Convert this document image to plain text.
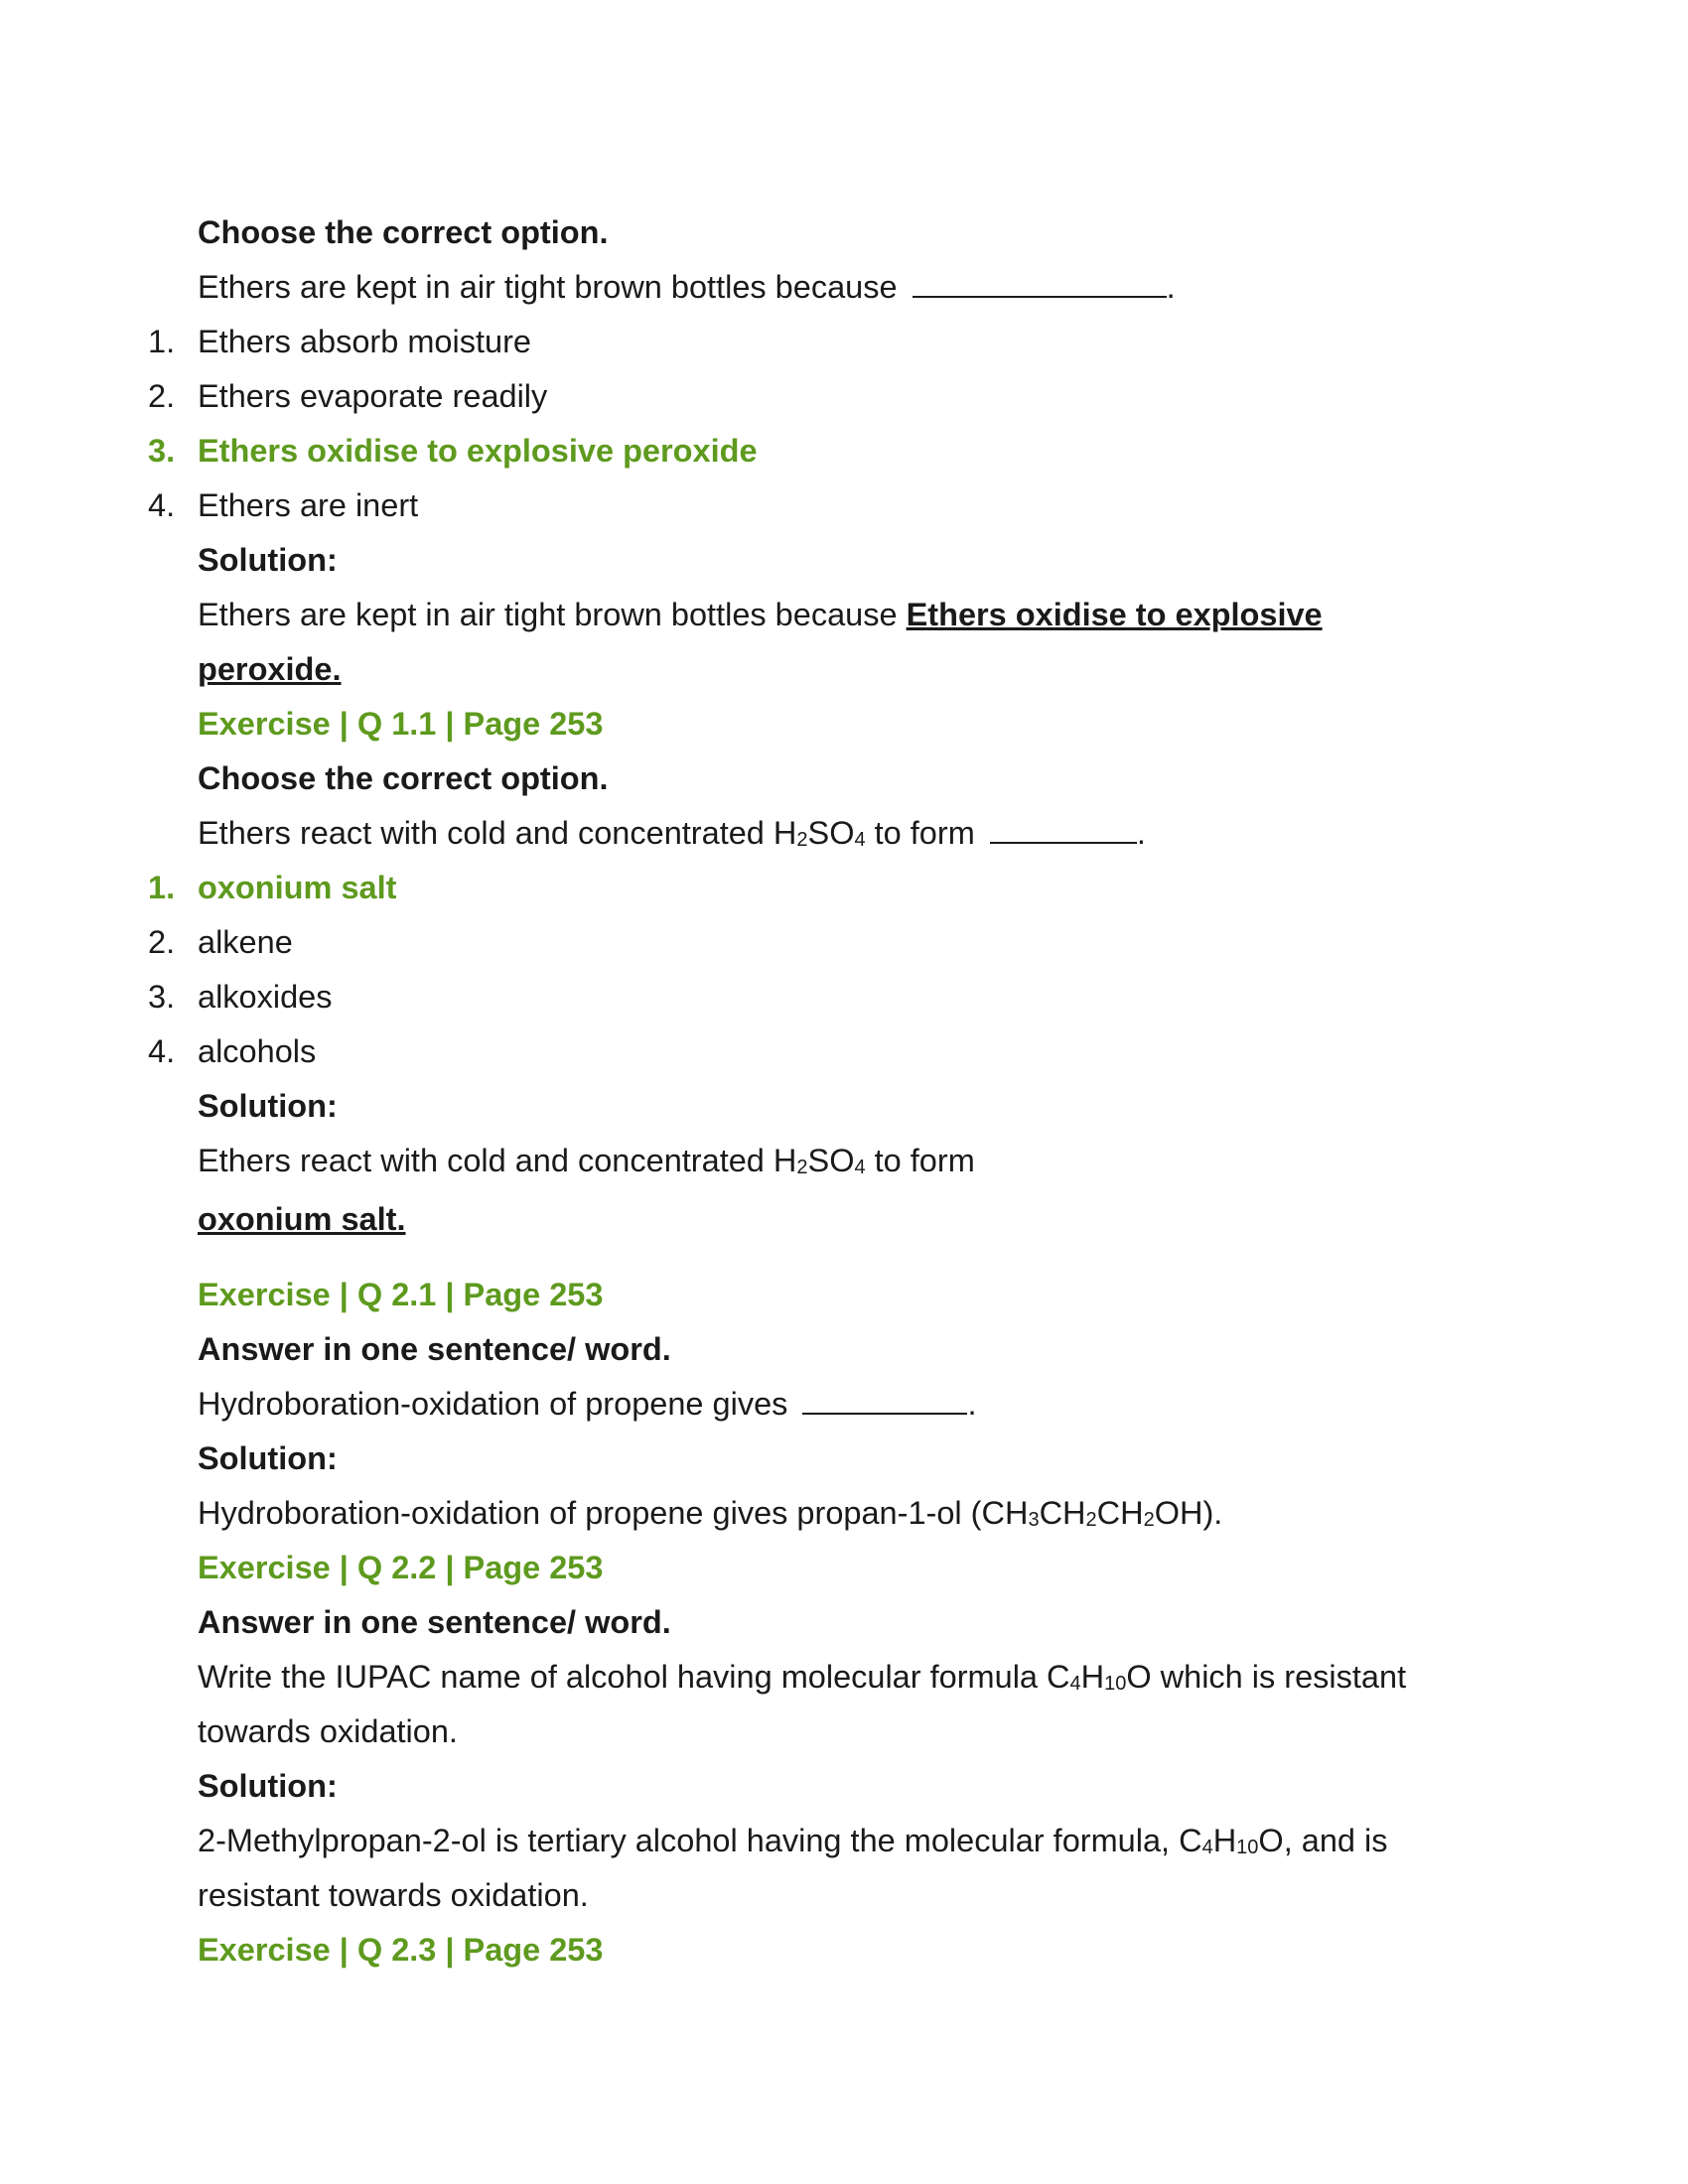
Choose the correct option.
Ethers are kept in air tight brown bottles because	.
1. Ethers absorb moisture
2. Ethers evaporate readily
3. Ethers oxidise to explosive peroxide
4. Ethers are inert
Solution:
Ethers are kept in air tight brown bottles because Ethers oxidise to explosive
peroxide.
Exercise | Q 1.1 | Page 253
Choose the correct option.
Ethers react with cold and concentrated $H_2SO_4$ to form	.
1. oxonium salt
2. alkene
3. alkoxides
4. alcohols
Solution:
Ethers react with cold and concentrated $H_2SO_4$ to form
oxonium salt.
Exercise | Q 2.1 | Page 253
Answer in one sentence/ word.
Hydroboration-oxidation of propene gives	.
Solution:
Hydroboration-oxidation of propene gives propan-1-ol $(CH_3CH_2CH_2OH)$.
Exercise | Q 2.2 | Page 253
Answer in one sentence/ word.
Write the IUPAC name of alcohol having molecular formula $C_4H_{10}O$ which is resistant
towards oxidation.
Solution:
2-Methylpropan-2-ol is tertiary alcohol having the molecular formula, $C_4H_{10}O$, and is
resistant towards oxidation.
Exercise | Q 2.3 | Page 253
